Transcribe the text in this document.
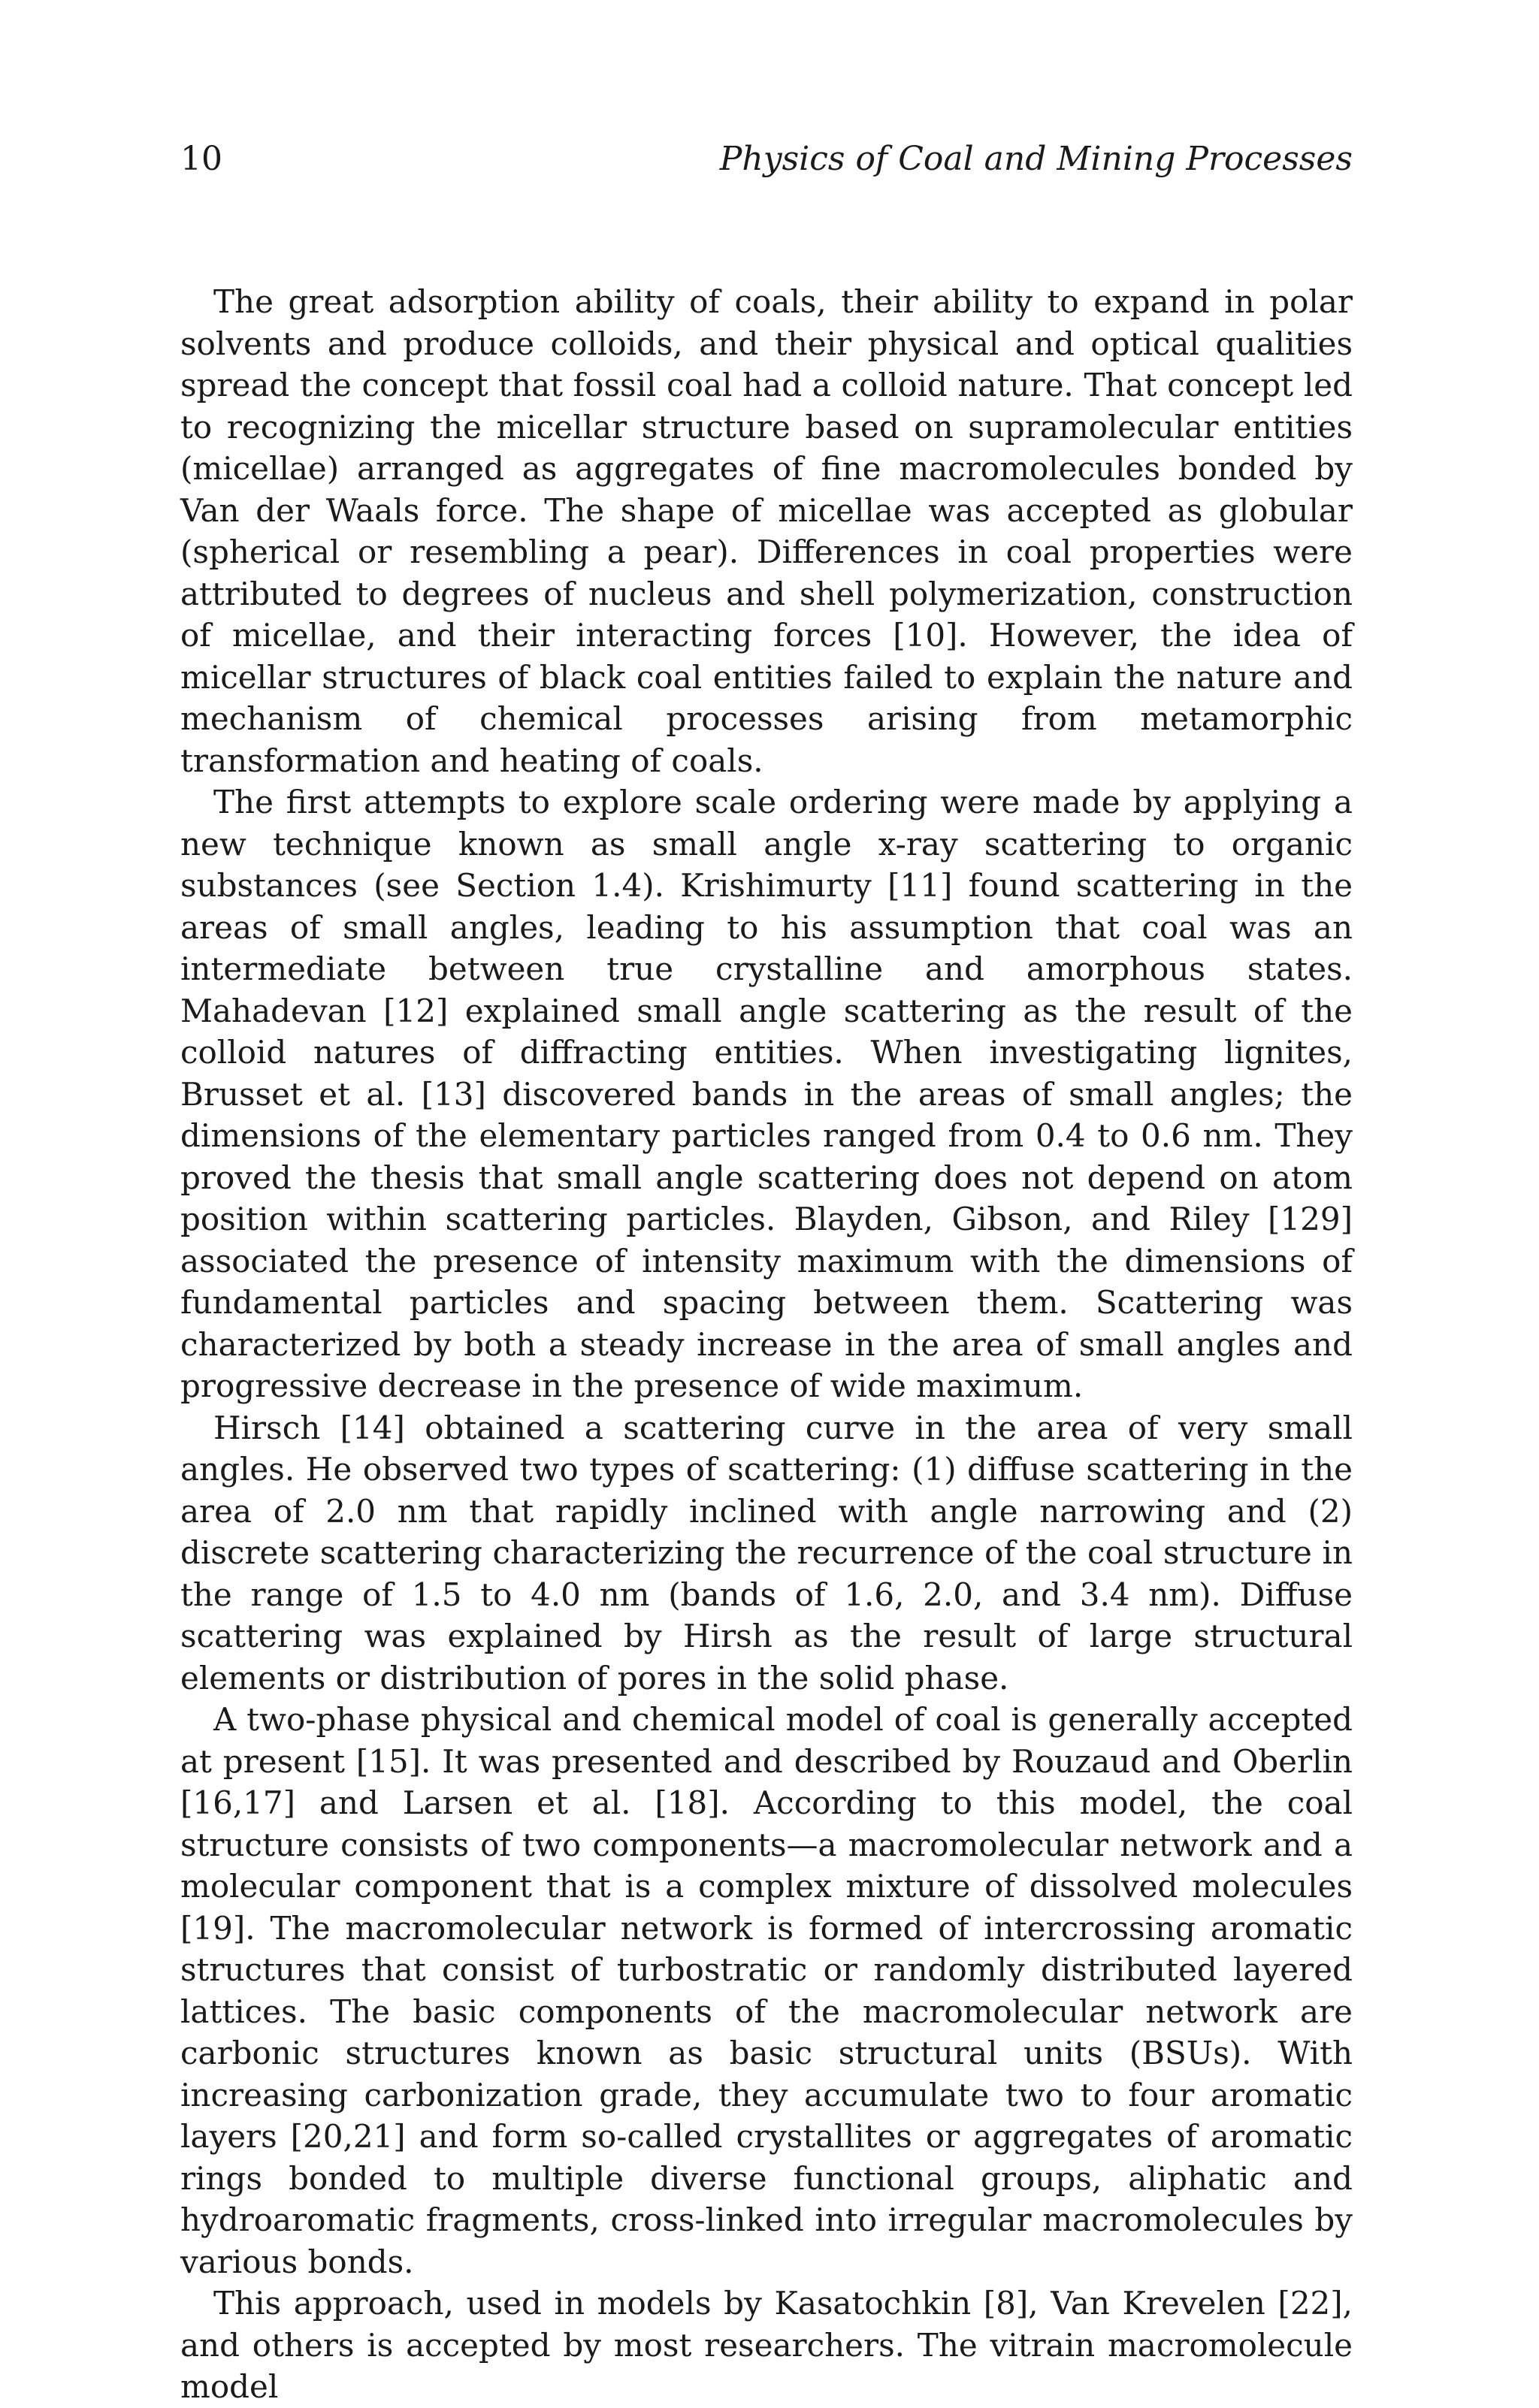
10	Physics of Coal and Mining Processes

The great adsorption ability of coals, their ability to expand in polar solvents and produce colloids, and their physical and optical qualities spread the concept that fossil coal had a colloid nature. That concept led to recognizing the micellar structure based on supramolecular entities (micellae) arranged as aggregates of fine macromolecules bonded by Van der Waals force. The shape of micellae was accepted as globular (spherical or resembling a pear). Differences in coal properties were attributed to degrees of nucleus and shell polymerization, construction of micellae, and their interacting forces [10]. However, the idea of micellar structures of black coal entities failed to explain the nature and mechanism of chemical processes arising from metamorphic transformation and heating of coals.

The first attempts to explore scale ordering were made by applying a new technique known as small angle x-ray scattering to organic substances (see Section 1.4). Krishimurty [11] found scattering in the areas of small angles, leading to his assumption that coal was an intermediate between true crystalline and amorphous states. Mahadevan [12] explained small angle scattering as the result of the colloid natures of diffracting entities. When investigating lignites, Brusset et al. [13] discovered bands in the areas of small angles; the dimensions of the elementary particles ranged from 0.4 to 0.6 nm. They proved the thesis that small angle scattering does not depend on atom position within scattering particles. Blayden, Gibson, and Riley [129] associated the presence of intensity maximum with the dimensions of fundamental particles and spacing between them. Scattering was characterized by both a steady increase in the area of small angles and progressive decrease in the presence of wide maximum.

Hirsch [14] obtained a scattering curve in the area of very small angles. He observed two types of scattering: (1) diffuse scattering in the area of 2.0 nm that rapidly inclined with angle narrowing and (2) discrete scattering characterizing the recurrence of the coal structure in the range of 1.5 to 4.0 nm (bands of 1.6, 2.0, and 3.4 nm). Diffuse scattering was explained by Hirsh as the result of large structural elements or distribution of pores in the solid phase.

A two-phase physical and chemical model of coal is generally accepted at present [15]. It was presented and described by Rouzaud and Oberlin [16,17] and Larsen et al. [18]. According to this model, the coal structure consists of two components—a macromolecular network and a molecular component that is a complex mixture of dissolved molecules [19]. The macromolecular network is formed of intercrossing aromatic structures that consist of turbostratic or randomly distributed layered lattices. The basic components of the macromolecular network are carbonic structures known as basic structural units (BSUs). With increasing carbonization grade, they accumulate two to four aromatic layers [20,21] and form so-called crystallites or aggregates of aromatic rings bonded to multiple diverse functional groups, aliphatic and hydroaromatic fragments, cross-linked into irregular macromolecules by various bonds.

This approach, used in models by Kasatochkin [8], Van Krevelen [22], and others is accepted by most researchers. The vitrain macromolecule model
